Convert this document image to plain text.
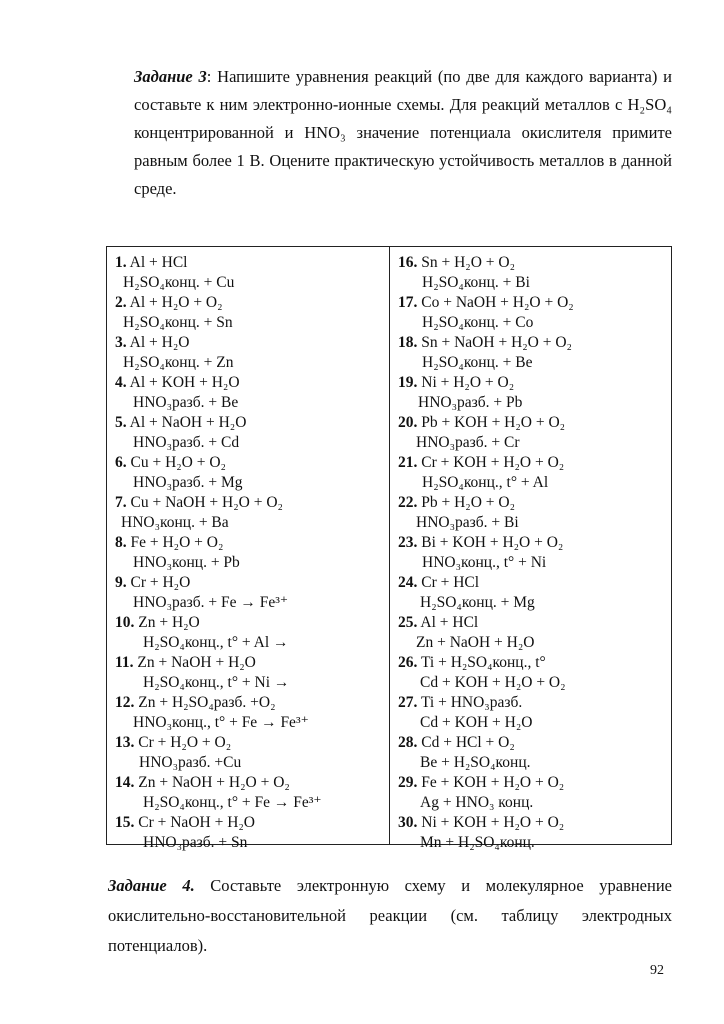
Задание 3: Напишите уравнения реакций (по две для каждого варианта) и составьте к ним электронно-ионные схемы. Для реакций металлов с H₂SO₄ концентрированной и HNO₃ значение потенциала окислителя примите равным более 1 В. Оцените практическую устойчивость металлов в данной среде.
1. Al + HCl
H₂SO₄конц. + Cu
2. Al + H₂O + O₂
H₂SO₄конц. + Sn
3. Al + H₂O
H₂SO₄конц. + Zn
4. Al + KOH + H₂O
HNO₃разб. + Be
5. Al + NaOH + H₂O
HNO₃разб. + Cd
6. Cu + H₂O + O₂
HNO₃разб. + Mg
7. Cu + NaOH + H₂O + O₂
HNO₃конц. + Ba
8. Fe + H₂O + O₂
HNO₃конц. + Pb
9. Cr + H₂O
HNO₃разб. + Fe → Fe³⁺
10. Zn + H₂O
H₂SO₄конц., t° + Al →
11. Zn + NaOH + H₂O
H₂SO₄конц., t° + Ni →
12. Zn + H₂SO₄разб. +O₂
HNO₃конц., t° + Fe → Fe³⁺
13. Cr + H₂O + O₂
HNO₃разб. +Cu
14. Zn + NaOH + H₂O + O₂
H₂SO₄конц., t° + Fe → Fe³⁺
15. Cr + NaOH + H₂O
HNO₃разб. + Sn

16. Sn + H₂O + O₂
H₂SO₄конц. + Bi
17. Co + NaOH + H₂O + O₂
H₂SO₄конц. + Co
18. Sn + NaOH + H₂O + O₂
H₂SO₄конц. + Be
19. Ni + H₂O + O₂
HNO₃разб. + Pb
20. Pb + KOH + H₂O + O₂
HNO₃разб. + Cr
21. Cr + KOH + H₂O + O₂
H₂SO₄конц., t° + Al
22. Pb + H₂O + O₂
HNO₃разб. + Bi
23. Bi + KOH + H₂O + O₂
HNO₃конц., t° + Ni
24. Cr + HCl
H₂SO₄конц. + Mg
25. Al + HCl
Zn + NaOH + H₂O
26. Ti + H₂SO₄конц., t°
Cd + KOH + H₂O + O₂
27. Ti + HNO₃разб.
Cd + KOH + H₂O
28. Cd + HCl + O₂
Be + H₂SO₄конц.
29. Fe + KOH + H₂O + O₂
Ag + HNO₃ конц.
30. Ni + KOH + H₂O + O₂
Mn + H₂SO₄конц.
Задание 4. Составьте электронную схему и молекулярное уравнение окислительно-восстановительной реакции (см. таблицу электродных потенциалов).
92
